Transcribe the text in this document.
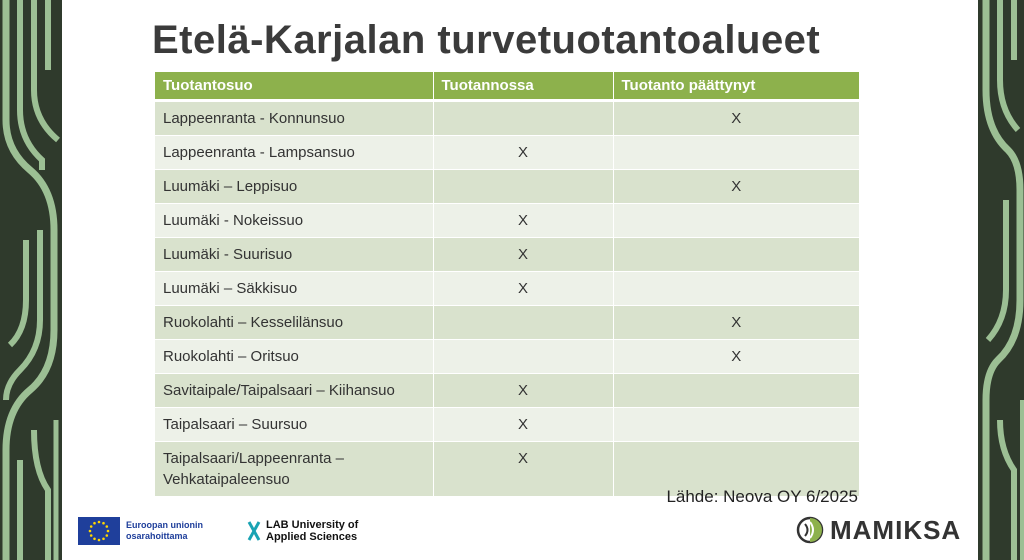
Etelä-Karjalan turvetuotantoalueet
Tuotantosuo	Tuotannossa	Tuotanto päättynyt
Lappeenranta - Konnunsuo		X
Lappeenranta - Lampsansuo	X	
Luumäki – Leppisuo		X
Luumäki - Nokeissuo	X	
Luumäki - Suurisuo	X	
Luumäki – Säkkisuo	X	
Ruokolahti – Kesselilänsuo		X
Ruokolahti – Oritsuo		X
Savitaipale/Taipalsaari – Kiihansuo	X	
Taipalsaari – Suursuo	X	
Taipalsaari/Lappeenranta – Vehkataipaleensuo	X	
Lähde: Neova OY 6/2025
Euroopan unionin
osarahoittama
LAB University of
Applied Sciences	MAMIKSA
